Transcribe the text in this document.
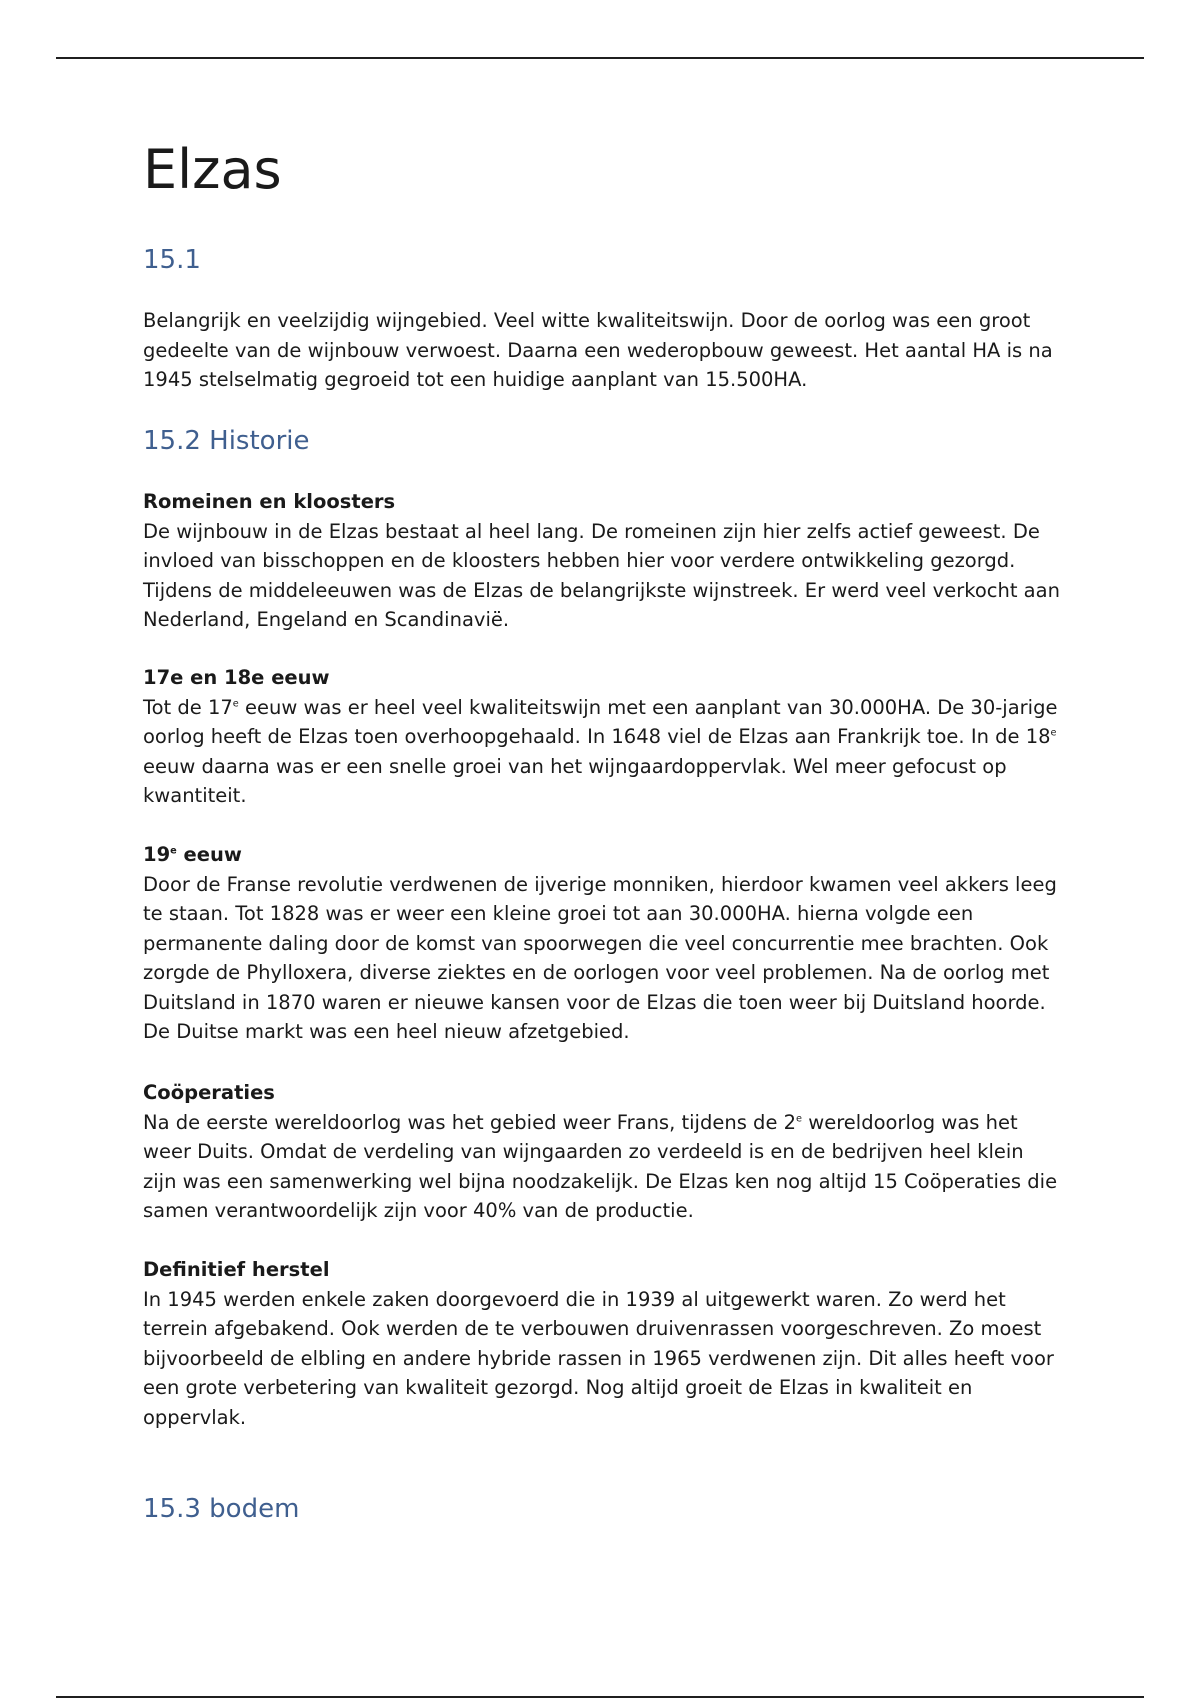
Elzas
15.1

Belangrijk en veelzijdig wijngebied. Veel witte kwaliteitswijn. Door de oorlog was een groot gedeelte van de wijnbouw verwoest. Daarna een wederopbouw geweest. Het aantal HA is na 1945 stelselmatig gegroeid tot een huidige aanplant van 15.500HA.

15.2 Historie

Romeinen en kloosters

De wijnbouw in de Elzas bestaat al heel lang. De romeinen zijn hier zelfs actief geweest. De invloed van bisschoppen en de kloosters hebben hier voor verdere ontwikkeling gezorgd. Tijdens de middeleeuwen was de Elzas de belangrijkste wijnstreek. Er werd veel verkocht aan Nederland, Engeland en Scandinavië.

17e en 18e eeuw

Tot de 17e eeuw was er heel veel kwaliteitswijn met een aanplant van 30.000HA. De 30-jarige oorlog heeft de Elzas toen overhoopgehaald. In 1648 viel de Elzas aan Frankrijk toe. In de 18e eeuw daarna was er een snelle groei van het wijngaardoppervlak. Wel meer gefocust op kwantiteit.

19e eeuw

Door de Franse revolutie verdwenen de ijverige monniken, hierdoor kwamen veel akkers leeg te staan. Tot 1828 was er weer een kleine groei tot aan 30.000HA. hierna volgde een permanente daling door de komst van spoorwegen die veel concurrentie mee brachten. Ook zorgde de Phylloxera, diverse ziektes en de oorlogen voor veel problemen. Na de oorlog met Duitsland in 1870 waren er nieuwe kansen voor de Elzas die toen weer bij Duitsland hoorde. De Duitse markt was een heel nieuw afzetgebied.

Coöperaties

Na de eerste wereldoorlog was het gebied weer Frans, tijdens de 2e wereldoorlog was het weer Duits. Omdat de verdeling van wijngaarden zo verdeeld is en de bedrijven heel klein zijn was een samenwerking wel bijna noodzakelijk. De Elzas ken nog altijd 15 Coöperaties die samen verantwoordelijk zijn voor 40% van de productie.

Definitief herstel

In 1945 werden enkele zaken doorgevoerd die in 1939 al uitgewerkt waren. Zo werd het terrein afgebakend. Ook werden de te verbouwen druivenrassen voorgeschreven. Zo moest bijvoorbeeld de elbling en andere hybride rassen in 1965 verdwenen zijn. Dit alles heeft voor een grote verbetering van kwaliteit gezorgd. Nog altijd groeit de Elzas in kwaliteit en oppervlak.

15.3 bodem
